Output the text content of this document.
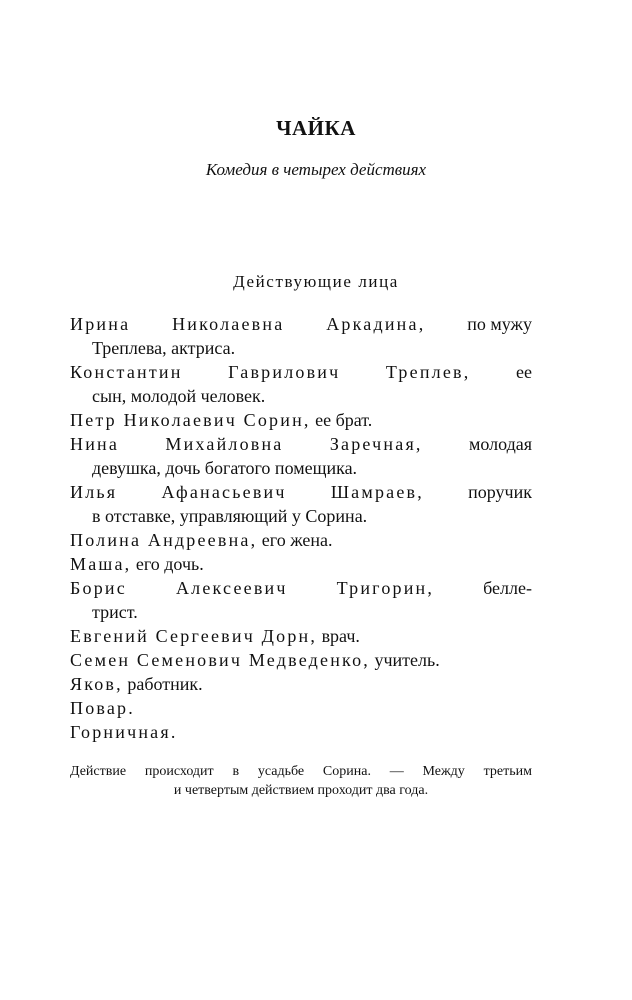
ЧАЙКА
Комедия в четырех действиях
Действующие лица
Ирина Николаевна Аркадина, по мужу
Треплева, актриса.
Константин	Гаврилович	Треплев,	ее
сын, молодой человек.
Петр Николаевич Сорин, ее брат.
Нина	Михайловна	Заречная,	молодая
девушка, дочь богатого помещика.
Илья Афанасьевич Шамраев, поручик
в отставке, управляющий у Сорина.
Полина Андреевна, его жена.
Маша, его дочь.
Борис	Алексеевич	Тригорин,	белле-
трист.
Евгений Сергеевич Дорн, врач.
Семен Семенович Медведенко, учитель.
Яков, работник.
Повар.
Горничная.
Действие происходит в усадьбе Сорина. — Между третьим
и четвертым действием проходит два года.
